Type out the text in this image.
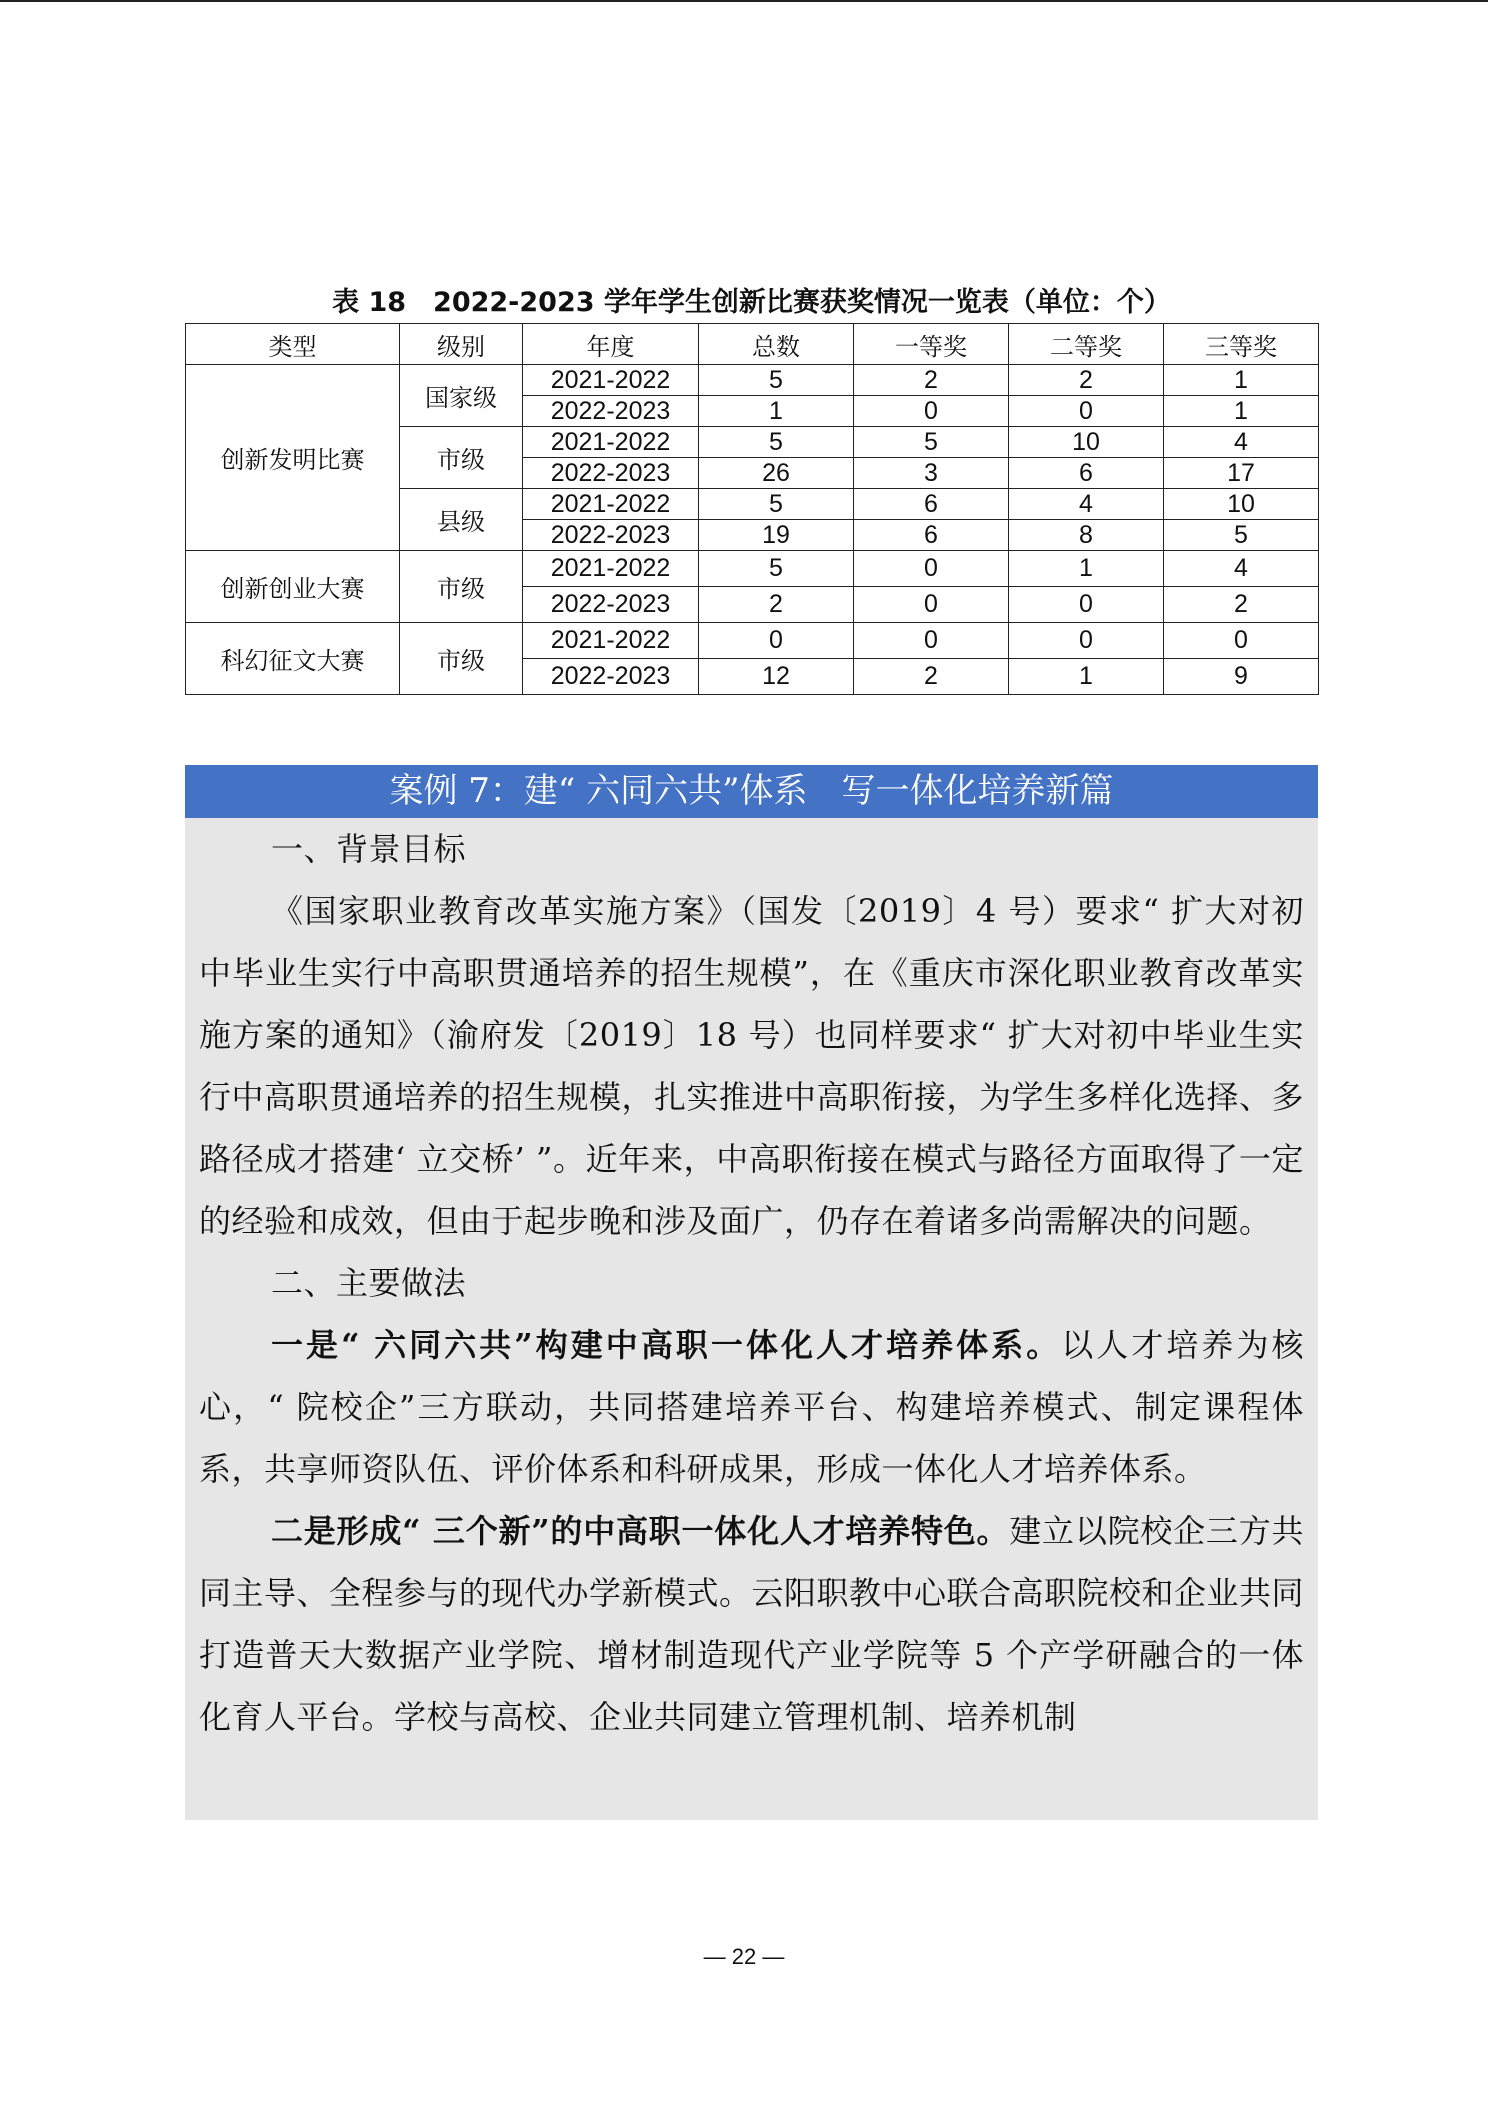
表 18　2022-2023 学年学生创新比赛获奖情况一览表（单位：个）
类型	级别	年度	总数	一等奖	二等奖	三等奖
创新发明比赛	国家级	2021-2022	5	2	2	1
		2022-2023	1	0	0	1
	市级	2021-2022	5	5	10	4
		2022-2023	26	3	6	17
	县级	2021-2022	5	6	4	10
		2022-2023	19	6	8	5
创新创业大赛	市级	2021-2022	5	0	1	4
		2022-2023	2	0	0	2
科幻征文大赛	市级	2021-2022	0	0	0	0
		2022-2023	12	2	1	9
案例 7：建“ 六同六共”体系　写一体化培养新篇

一、背景目标

《国家职业教育改革实施方案》（国发〔2019〕4 号）要求“ 扩大对初中毕业生实行中高职贯通培养的招生规模”，在《重庆市深化职业教育改革实施方案的通知》（渝府发〔2019〕18 号）也同样要求“ 扩大对初中毕业生实行中高职贯通培养的招生规模，扎实推进中高职衔接，为学生多样化选择、多路径成才搭建‘ 立交桥’ ”。近年来，中高职衔接在模式与路径方面取得了一定的经验和成效，但由于起步晚和涉及面广，仍存在着诸多尚需解决的问题。

二、主要做法

一是“ 六同六共”构建中高职一体化人才培养体系。以人才培养为核心，“ 院校企”三方联动，共同搭建培养平台、构建培养模式、制定课程体系，共享师资队伍、评价体系和科研成果，形成一体化人才培养体系。

二是形成“ 三个新”的中高职一体化人才培养特色。建立以院校企三方共同主导、全程参与的现代办学新模式。云阳职教中心联合高职院校和企业共同打造普天大数据产业学院、增材制造现代产业学院等 5 个产学研融合的一体化育人平台。学校与高校、企业共同建立管理机制、培养机制

— 22 —
